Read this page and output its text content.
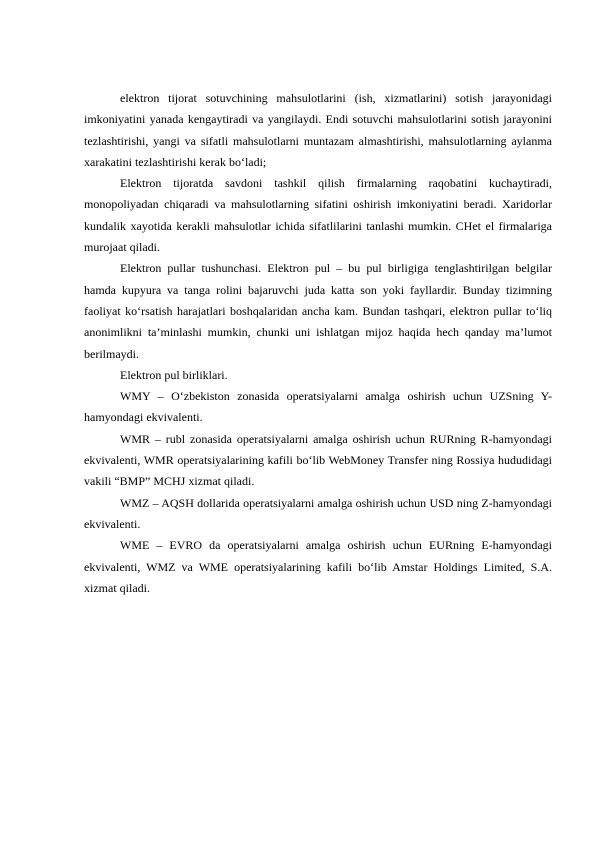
elektron tijorat sotuvchining mahsulotlarini (ish, xizmatlarini) sotish jarayonidagi imkoniyatini yanada kengaytiradi va yangilaydi. Endi sotuvchi mahsulotlarini sotish jarayonini tezlashtirishi, yangi va sifatli mahsulotlarni muntazam almashtirishi, mahsulotlarning aylanma xarakatini tezlashtirishi kerak bo‘ladi;

Elektron tijoratda savdoni tashkil qilish firmalarning raqobatini kuchaytiradi, monopoliyadan chiqaradi va mahsulotlarning sifatini oshirish imkoniyatini beradi. Xaridorlar kundalik xayotida kerakli mahsulotlar ichida sifatlilarini tanlashi mumkin. CHet el firmalariga murojaat qiladi.

Elektron pullar tushunchasi. Elektron pul – bu pul birligiga tenglashtirilgan belgilar hamda kupyura va tanga rolini bajaruvchi juda katta son yoki fayllardir. Bunday tizimning faoliyat ko‘rsatish harajatlari boshqalaridan ancha kam. Bundan tashqari, elektron pullar to‘liq anonimlikni ta’minlashi mumkin, chunki uni ishlatgan mijoz haqida hech qanday ma’lumot berilmaydi.

Elektron pul birliklari.

WMY – O‘zbekiston zonasida operatsiyalarni amalga oshirish uchun UZSning Y-hamyondagi ekvivalenti.

WMR – rubl zonasida operatsiyalarni amalga oshirish uchun RURning R-hamyondagi ekvivalenti, WMR operatsiyalarining kafili bo‘lib WebMoney Transfer ning Rossiya hududidagi vakili “BMP” MCHJ xizmat qiladi.

WMZ – AQSH dollarida operatsiyalarni amalga oshirish uchun USD ning Z-hamyondagi ekvivalenti.

WME – EVRO da operatsiyalarni amalga oshirish uchun EURning E-hamyondagi ekvivalenti, WMZ va WME operatsiyalarining kafili bo‘lib Amstar Holdings Limited, S.A. xizmat qiladi.
